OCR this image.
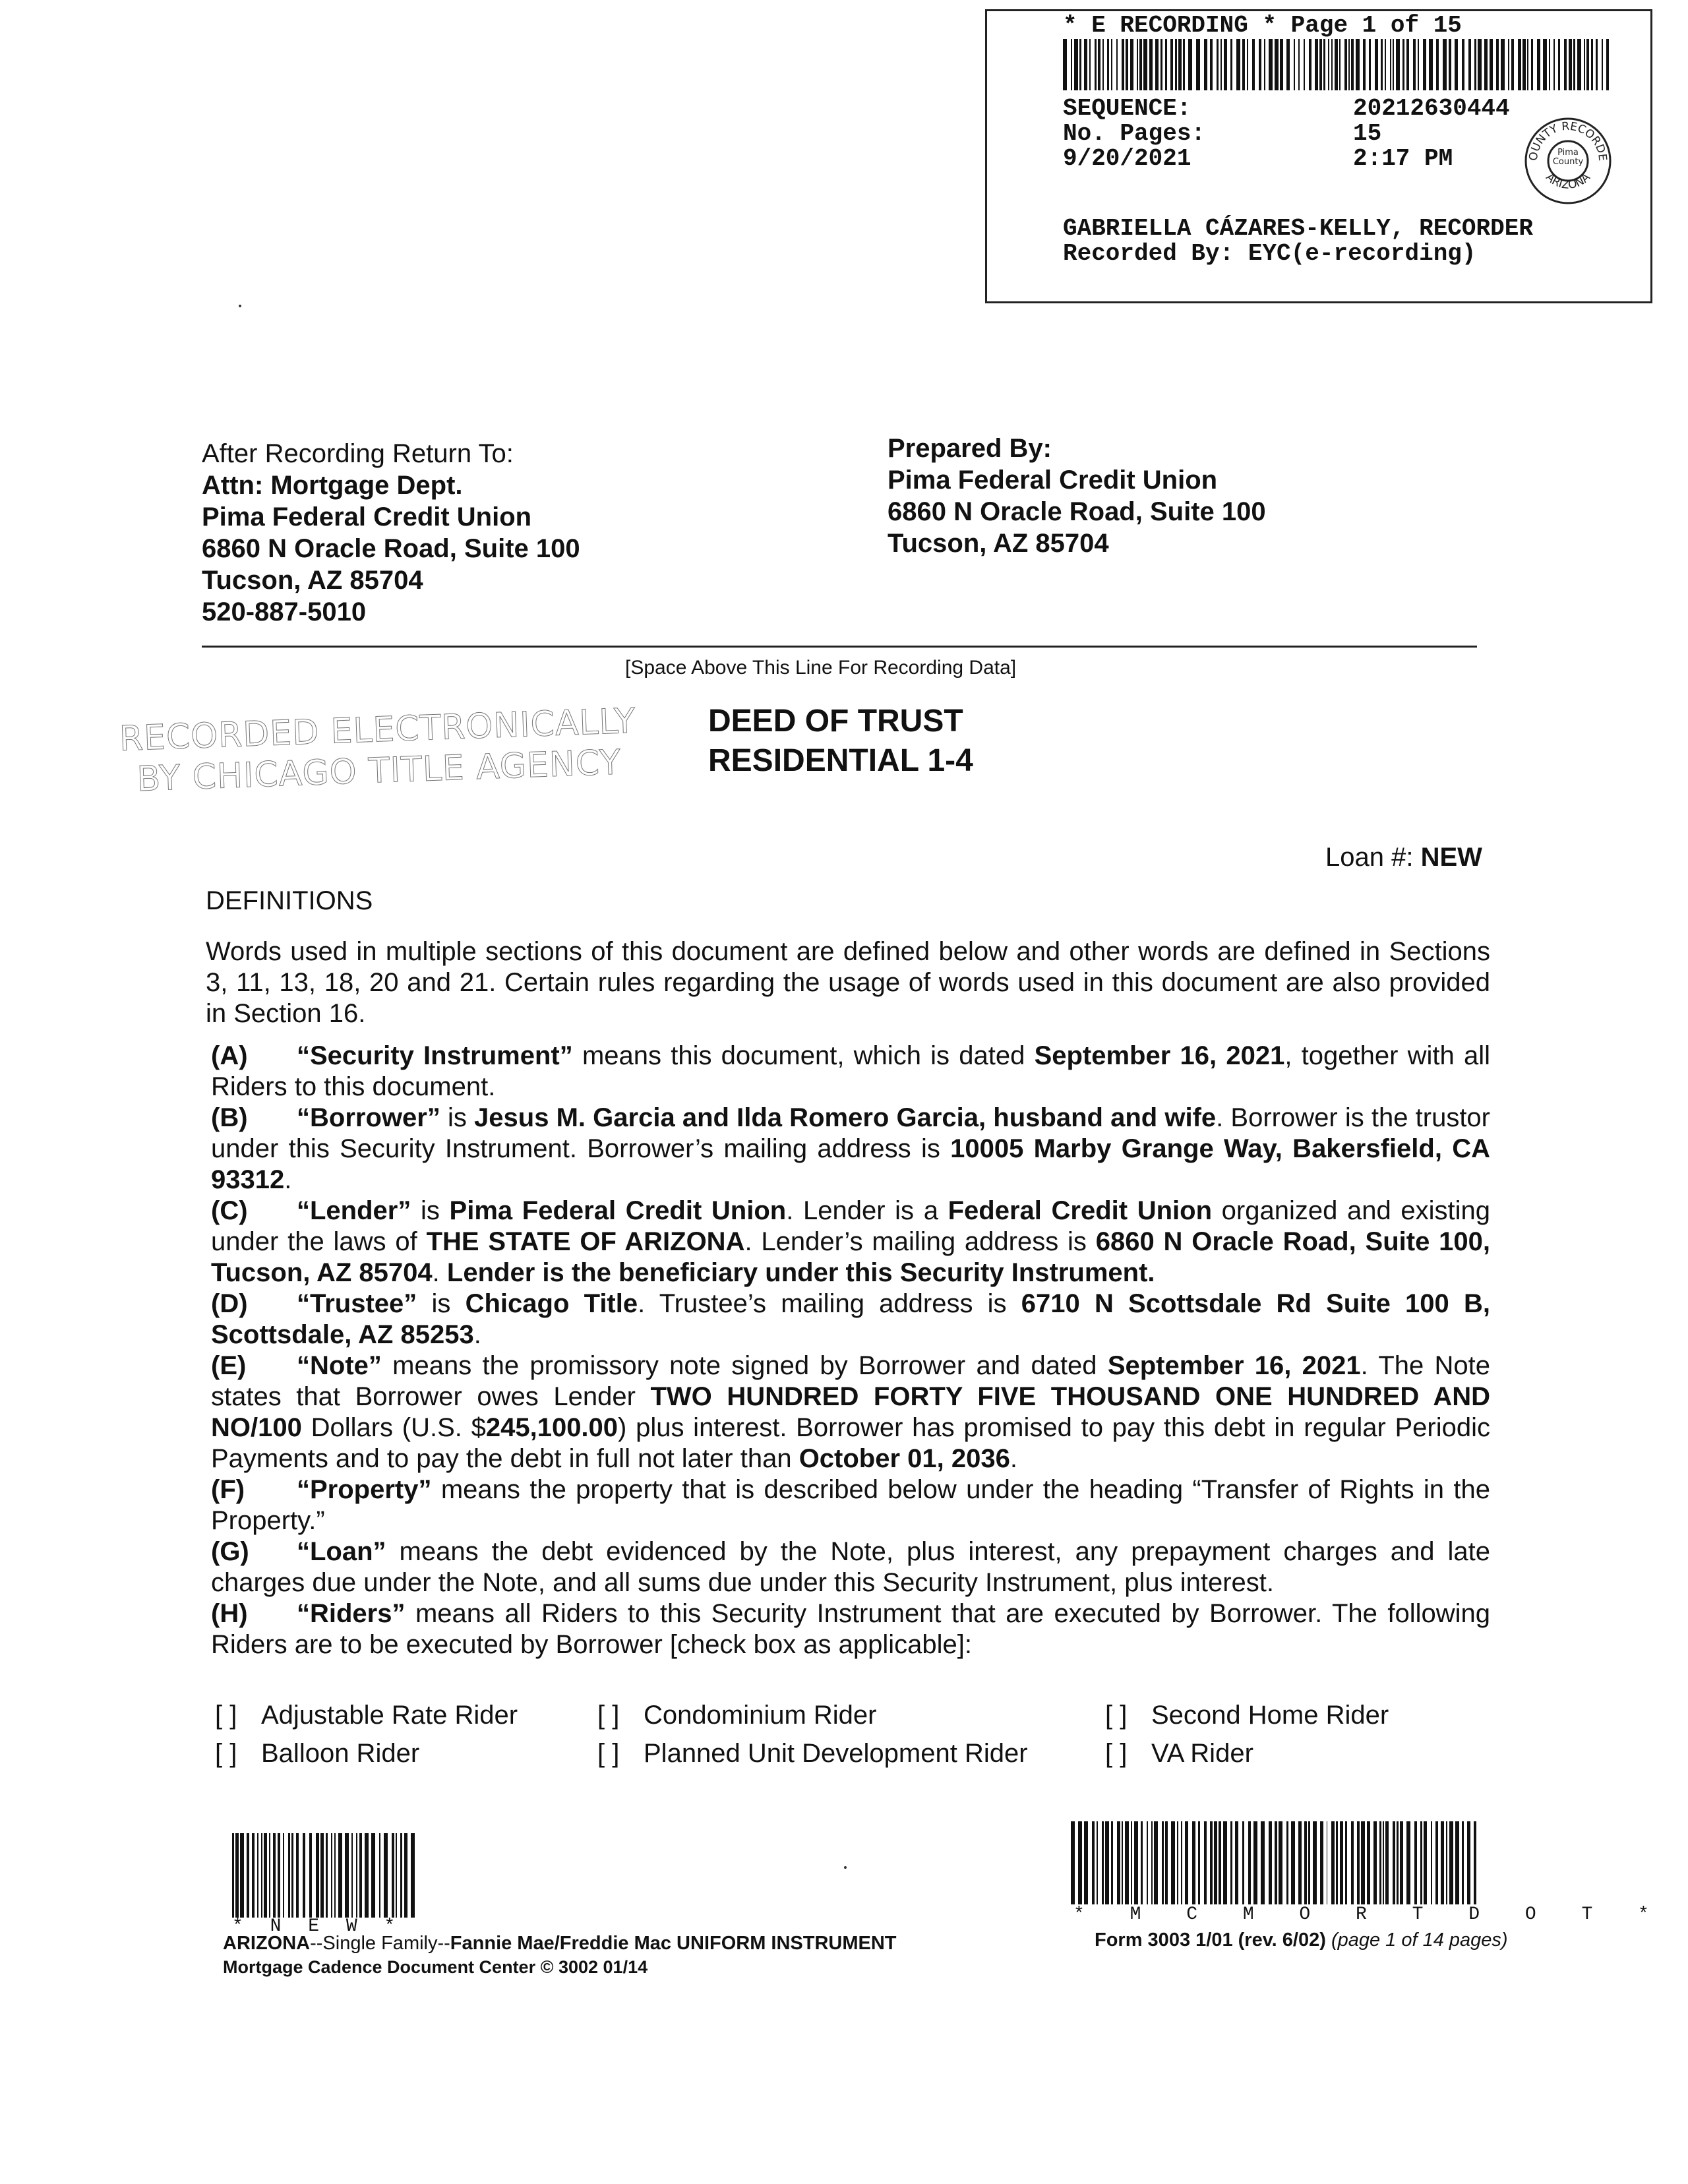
* E RECORDING * Page 1 of 15
SEQUENCE:	20212630444
No. Pages:	15
9/20/2021	2:17 PM	OUNTY RECORDE
ARIZONA
Pima County
GABRIELLA CÁZARES-KELLY, RECORDER
Recorded By: EYC(e-recording)
After Recording Return To:
Attn: Mortgage Dept.
Pima Federal Credit Union
6860 N Oracle Road, Suite 100
Tucson, AZ 85704
520-887-5010
Prepared By:
Pima Federal Credit Union
6860 N Oracle Road, Suite 100
Tucson, AZ 85704
[Space Above This Line For Recording Data]
RECORDED ELECTRONICALLY
BY CHICAGO TITLE AGENCY
DEED OF TRUST
RESIDENTIAL 1-4
Loan #: NEW
DEFINITIONS
Words used in multiple sections of this document are defined below and other words are defined in Sections 3, 11, 13, 18, 20 and 21. Certain rules regarding the usage of words used in this document are also provided in Section 16.
(A) “Security Instrument” means this document, which is dated September 16, 2021, together with all Riders to this document.
(B) “Borrower” is Jesus M. Garcia and Ilda Romero Garcia, husband and wife. Borrower is the trustor under this Security Instrument. Borrower’s mailing address is 10005 Marby Grange Way, Bakersfield, CA 93312.
(C) “Lender” is Pima Federal Credit Union. Lender is a Federal Credit Union organized and existing under the laws of THE STATE OF ARIZONA. Lender’s mailing address is 6860 N Oracle Road, Suite 100, Tucson, AZ 85704. Lender is the beneficiary under this Security Instrument.
(D) “Trustee” is Chicago Title. Trustee’s mailing address is 6710 N Scottsdale Rd Suite 100 B, Scottsdale, AZ 85253.
(E) “Note” means the promissory note signed by Borrower and dated September 16, 2021. The Note states that Borrower owes Lender TWO HUNDRED FORTY FIVE THOUSAND ONE HUNDRED AND NO/100 Dollars (U.S. $245,100.00) plus interest. Borrower has promised to pay this debt in regular Periodic Payments and to pay the debt in full not later than October 01, 2036.
(F) “Property” means the property that is described below under the heading “Transfer of Rights in the Property.”
(G) “Loan” means the debt evidenced by the Note, plus interest, any prepayment charges and late charges due under the Note, and all sums due under this Security Instrument, plus interest.
(H) “Riders” means all Riders to this Security Instrument that are executed by Borrower. The following Riders are to be executed by Borrower [check box as applicable]:
[ ] Adjustable Rate Rider	[ ] Condominium Rider	[ ] Second Home Rider
[ ] Balloon Rider	[ ] Planned Unit Development Rider	[ ] VA Rider
* N E W *
* M C M O R T D O T *
ARIZONA--Single Family--Fannie Mae/Freddie Mac UNIFORM INSTRUMENT
Mortgage Cadence Document Center © 3002 01/14
Form 3003 1/01 (rev. 6/02) (page 1 of 14 pages)
